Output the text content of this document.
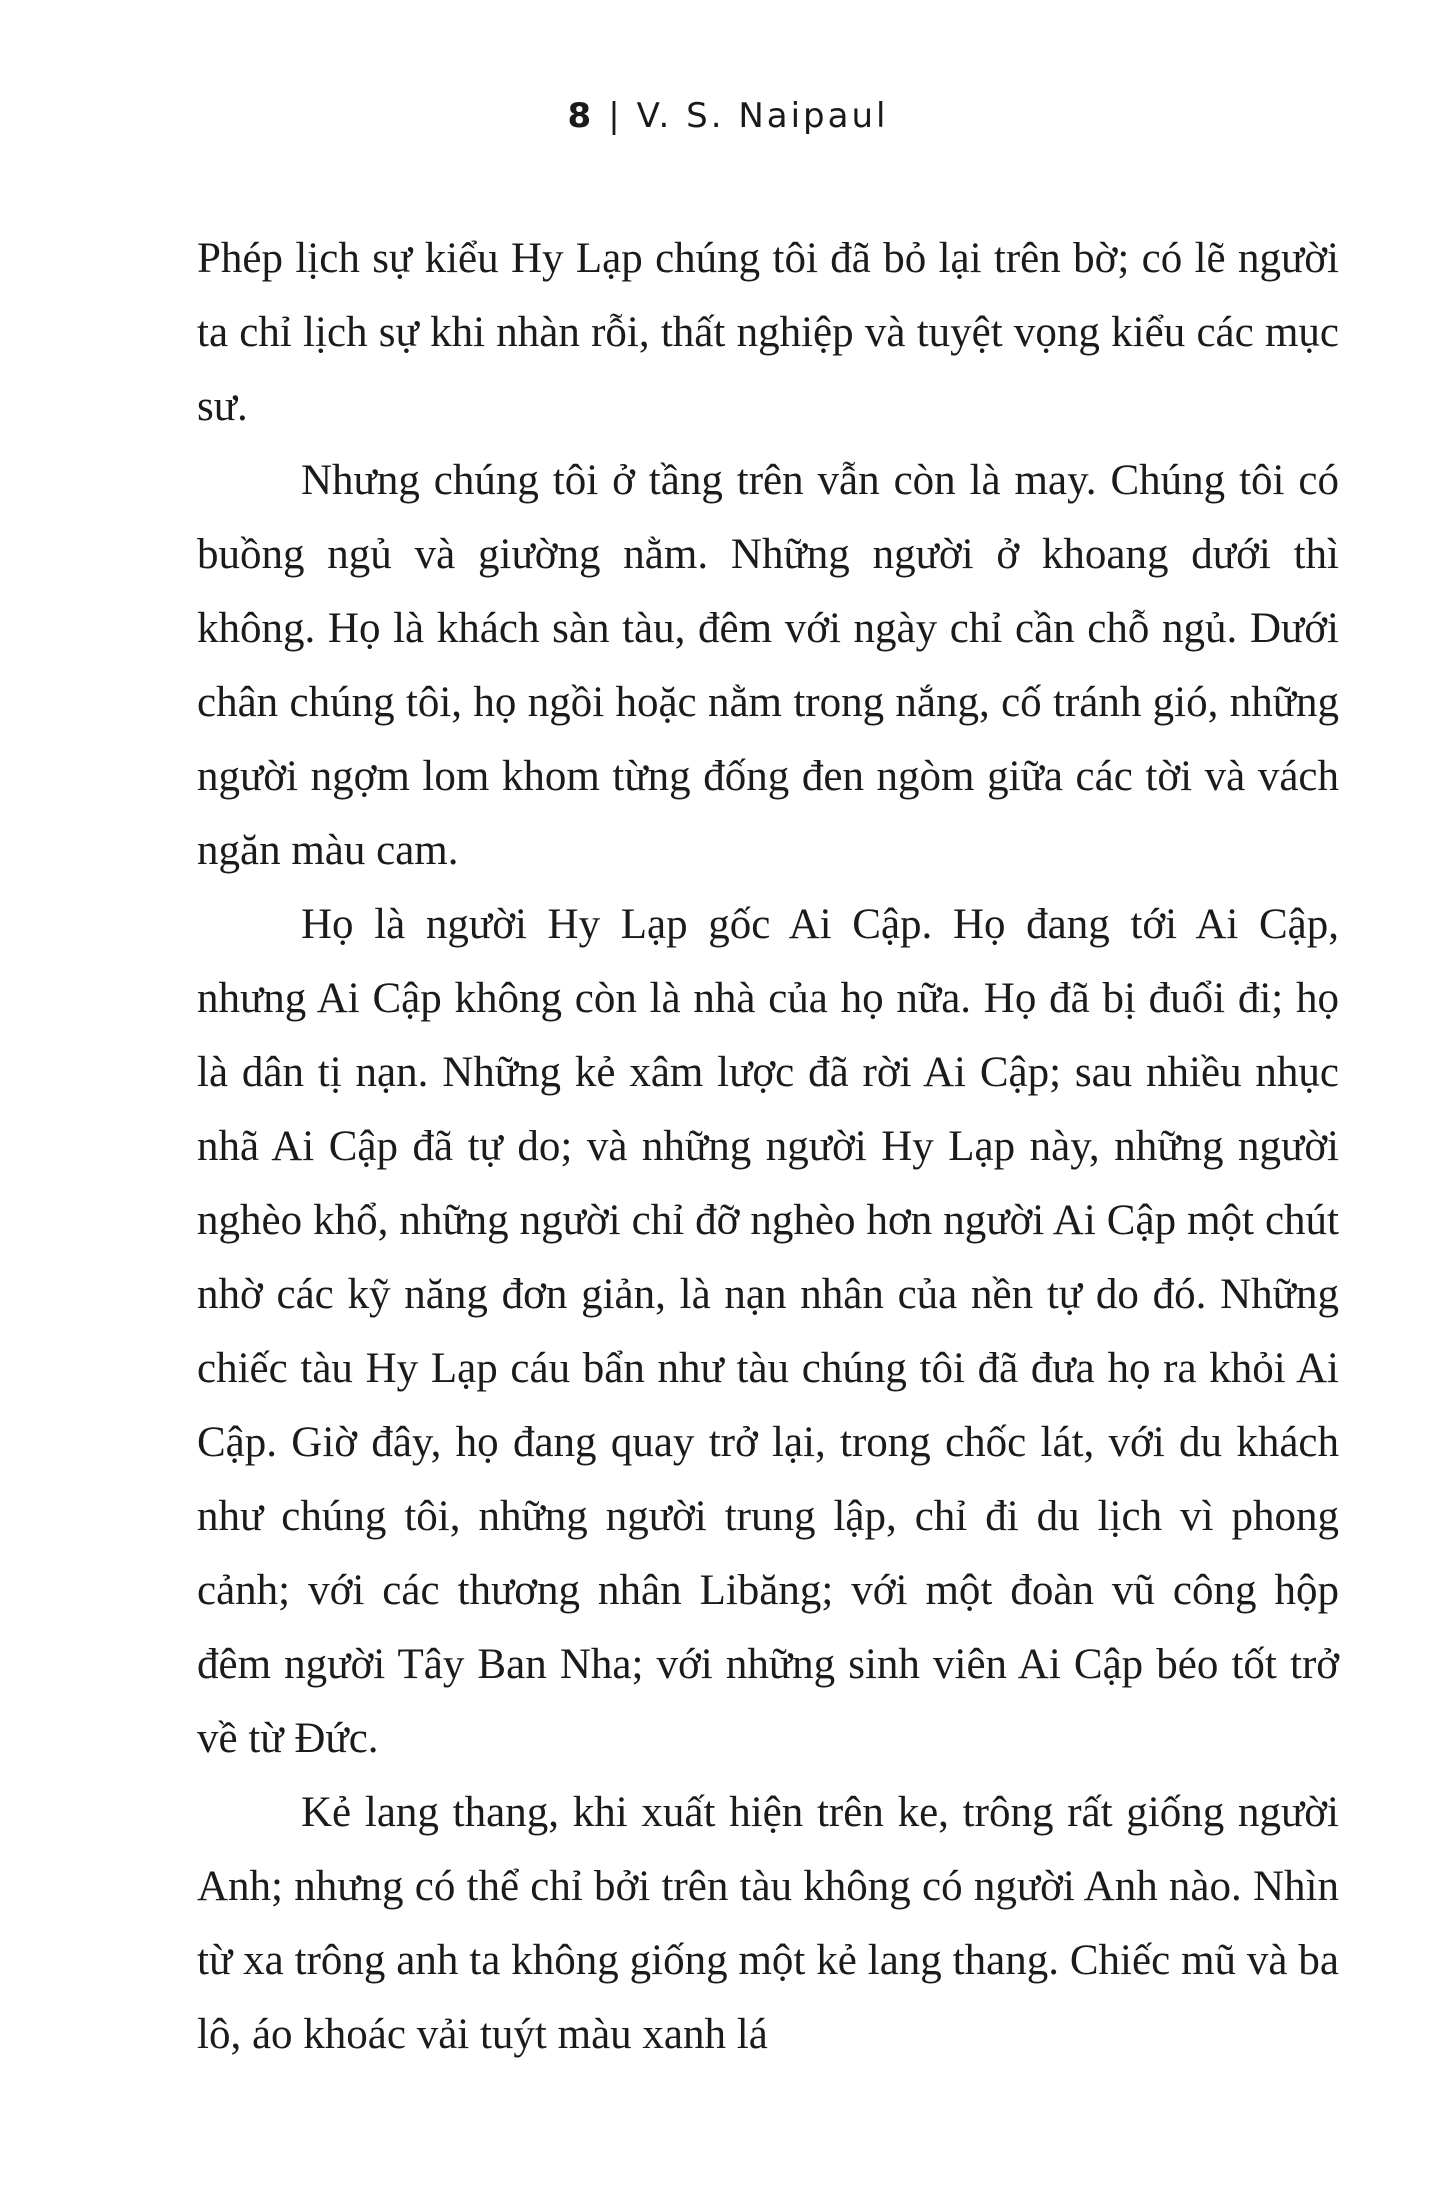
8 | V. S. Naipaul

Phép lịch sự kiểu Hy Lạp chúng tôi đã bỏ lại trên bờ; có lẽ người ta chỉ lịch sự khi nhàn rỗi, thất nghiệp và tuyệt vọng kiểu các mục sư.

Nhưng chúng tôi ở tầng trên vẫn còn là may. Chúng tôi có buồng ngủ và giường nằm. Những người ở khoang dưới thì không. Họ là khách sàn tàu, đêm với ngày chỉ cần chỗ ngủ. Dưới chân chúng tôi, họ ngồi hoặc nằm trong nắng, cố tránh gió, những người ngợm lom khom từng đống đen ngòm giữa các tời và vách ngăn màu cam.

Họ là người Hy Lạp gốc Ai Cập. Họ đang tới Ai Cập, nhưng Ai Cập không còn là nhà của họ nữa. Họ đã bị đuổi đi; họ là dân tị nạn. Những kẻ xâm lược đã rời Ai Cập; sau nhiều nhục nhã Ai Cập đã tự do; và những người Hy Lạp này, những người nghèo khổ, những người chỉ đỡ nghèo hơn người Ai Cập một chút nhờ các kỹ năng đơn giản, là nạn nhân của nền tự do đó. Những chiếc tàu Hy Lạp cáu bẩn như tàu chúng tôi đã đưa họ ra khỏi Ai Cập. Giờ đây, họ đang quay trở lại, trong chốc lát, với du khách như chúng tôi, những người trung lập, chỉ đi du lịch vì phong cảnh; với các thương nhân Libăng; với một đoàn vũ công hộp đêm người Tây Ban Nha; với những sinh viên Ai Cập béo tốt trở về từ Đức.

Kẻ lang thang, khi xuất hiện trên ke, trông rất giống người Anh; nhưng có thể chỉ bởi trên tàu không có người Anh nào. Nhìn từ xa trông anh ta không giống một kẻ lang thang. Chiếc mũ và ba lô, áo khoác vải tuýt màu xanh lá
